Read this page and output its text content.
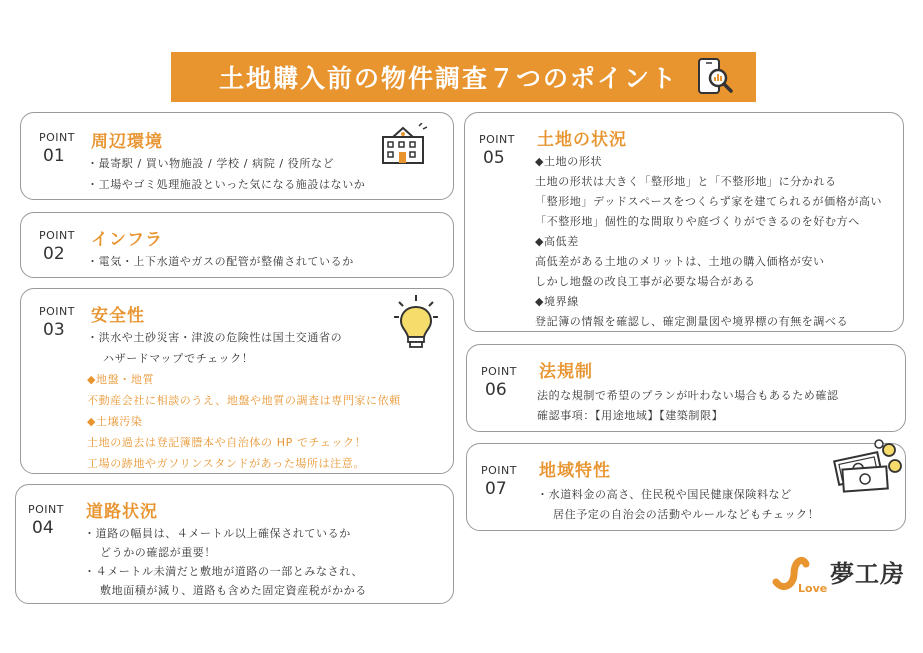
土地購入前の物件調査７つのポイント
POINT
01
周辺環境
・最寄駅 / 買い物施設 / 学校 / 病院 / 役所など
・工場やゴミ処理施設といった気になる施設はないか
POINT
02
インフラ
・電気・上下水道やガスの配管が整備されているか
POINT
03
安全性
・洪水や土砂災害・津波の危険性は国土交通省の
ハザードマップでチェック！
◆地盤・地質
不動産会社に相談のうえ、地盤や地質の調査は専門家に依頼
◆土壌汚染
土地の過去は登記簿謄本や自治体の HP でチェック！
工場の跡地やガソリンスタンドがあった場所は注意。
POINT
04
道路状況
・道路の幅員は、４メートル以上確保されているか
どうかの確認が重要！
・４メートル未満だと敷地が道路の一部とみなされ、
敷地面積が減り、道路も含めた固定資産税がかかる
POINT
05
土地の状況
◆土地の形状
土地の形状は大きく「整形地」と「不整形地」に分かれる
「整形地」デッドスペースをつくらず家を建てられるが価格が高い
「不整形地」個性的な間取りや庭づくりができるのを好む方へ
◆高低差
高低差がある土地のメリットは、土地の購入価格が安い
しかし地盤の改良工事が必要な場合がある
◆境界線
登記簿の情報を確認し、確定測量図や境界標の有無を調べる
POINT
06
法規制
法的な規制で希望のプランが叶わない場合もあるため確認
確認事項：【用途地域】【建築制限】
POINT
07
地域特性
・水道料金の高さ、住民税や国民健康保険料など
居住予定の自治会の活動やルールなどもチェック！
Love
夢工房
